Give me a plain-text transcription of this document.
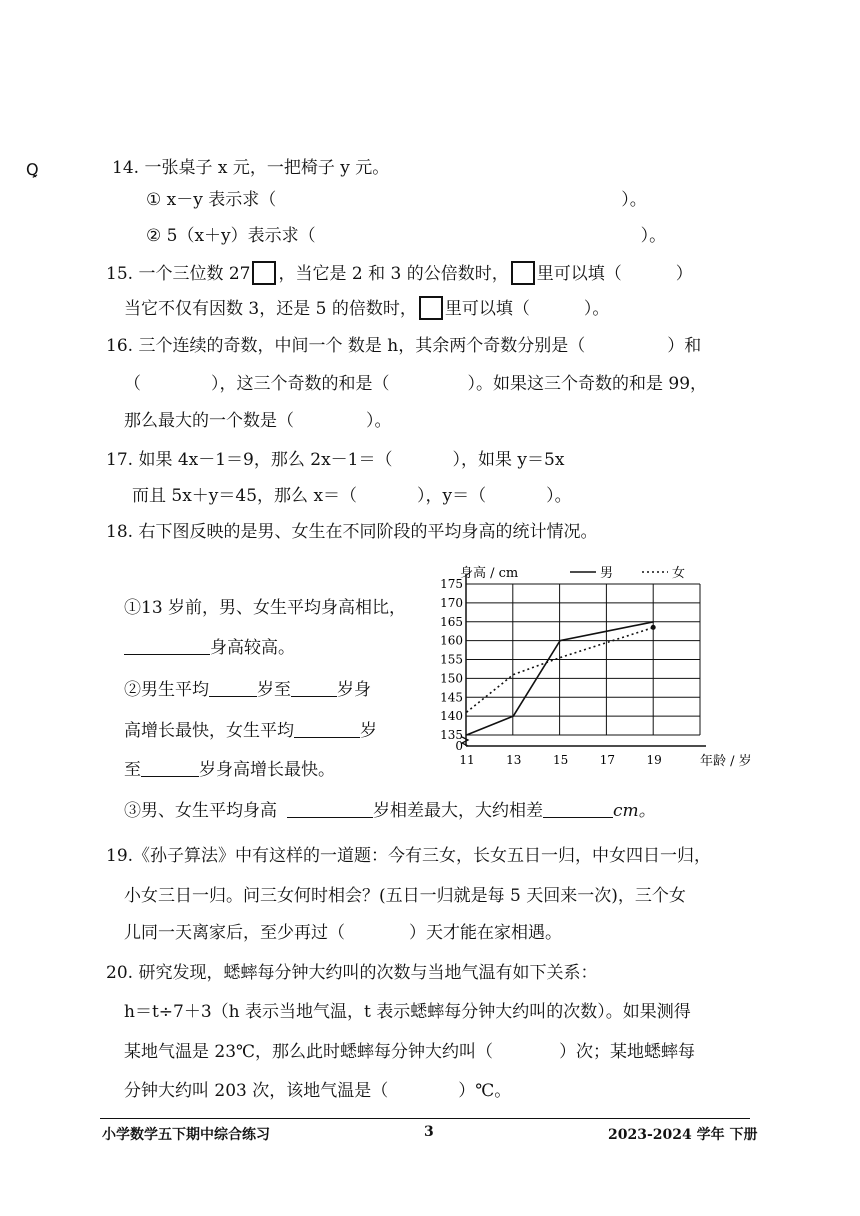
Ꝗ	14. 一张桌子 x 元，一把椅子 y 元。
① x－y 表示求（	）。
② 5（x＋y）表示求（	）。
15. 一个三位数 27 ，当它是 2 和 3 的公倍数时， 里可以填（	）
当它不仅有因数 3，还是 5 的倍数时， 里可以填（	）。
16. 三个连续的奇数，中间一个 数是 h，其余两个奇数分别是（	）和
（	），这三个奇数的和是（	）。如果这三个奇数的和是 99，
那么最大的一个数是（	）。
17. 如果 4x－1＝9，那么 2x－1＝（	），如果 y＝5x
而且 5x＋y＝45，那么 x＝（	），y＝（	）。
18. 右下图反映的是男、女生在不同阶段的平均身高的统计情况。
①13 岁前，男、女生平均身高相比，
身高较高。
②男生平均	岁至	岁身
高增长最快，女生平均	岁
至	岁身高增长最快。
③男、女生平均身高	岁相差最大，大约相差	cm。
0
135
140
145
150
155
160
165
170
175
11	13	15	17	19
身高 / cm
年龄 / 岁
男	女
19.《孙子算法》中有这样的一道题：今有三女，长女五日一归，中女四日一归，
小女三日一归。问三女何时相会？(五日一归就是每 5 天回来一次)，三个女
儿同一天离家后，至少再过（	）天才能在家相遇。
20. 研究发现，蟋蟀每分钟大约叫的次数与当地气温有如下关系：
h＝t÷7＋3（h 表示当地气温，t 表示蟋蟀每分钟大约叫的次数）。如果测得
某地气温是 23℃，那么此时蟋蟀每分钟大约叫（	）次；某地蟋蟀每
分钟大约叫 203 次，该地气温是（	）℃。
小学数学五下期中综合练习	3	2023-2024 学年 下册
